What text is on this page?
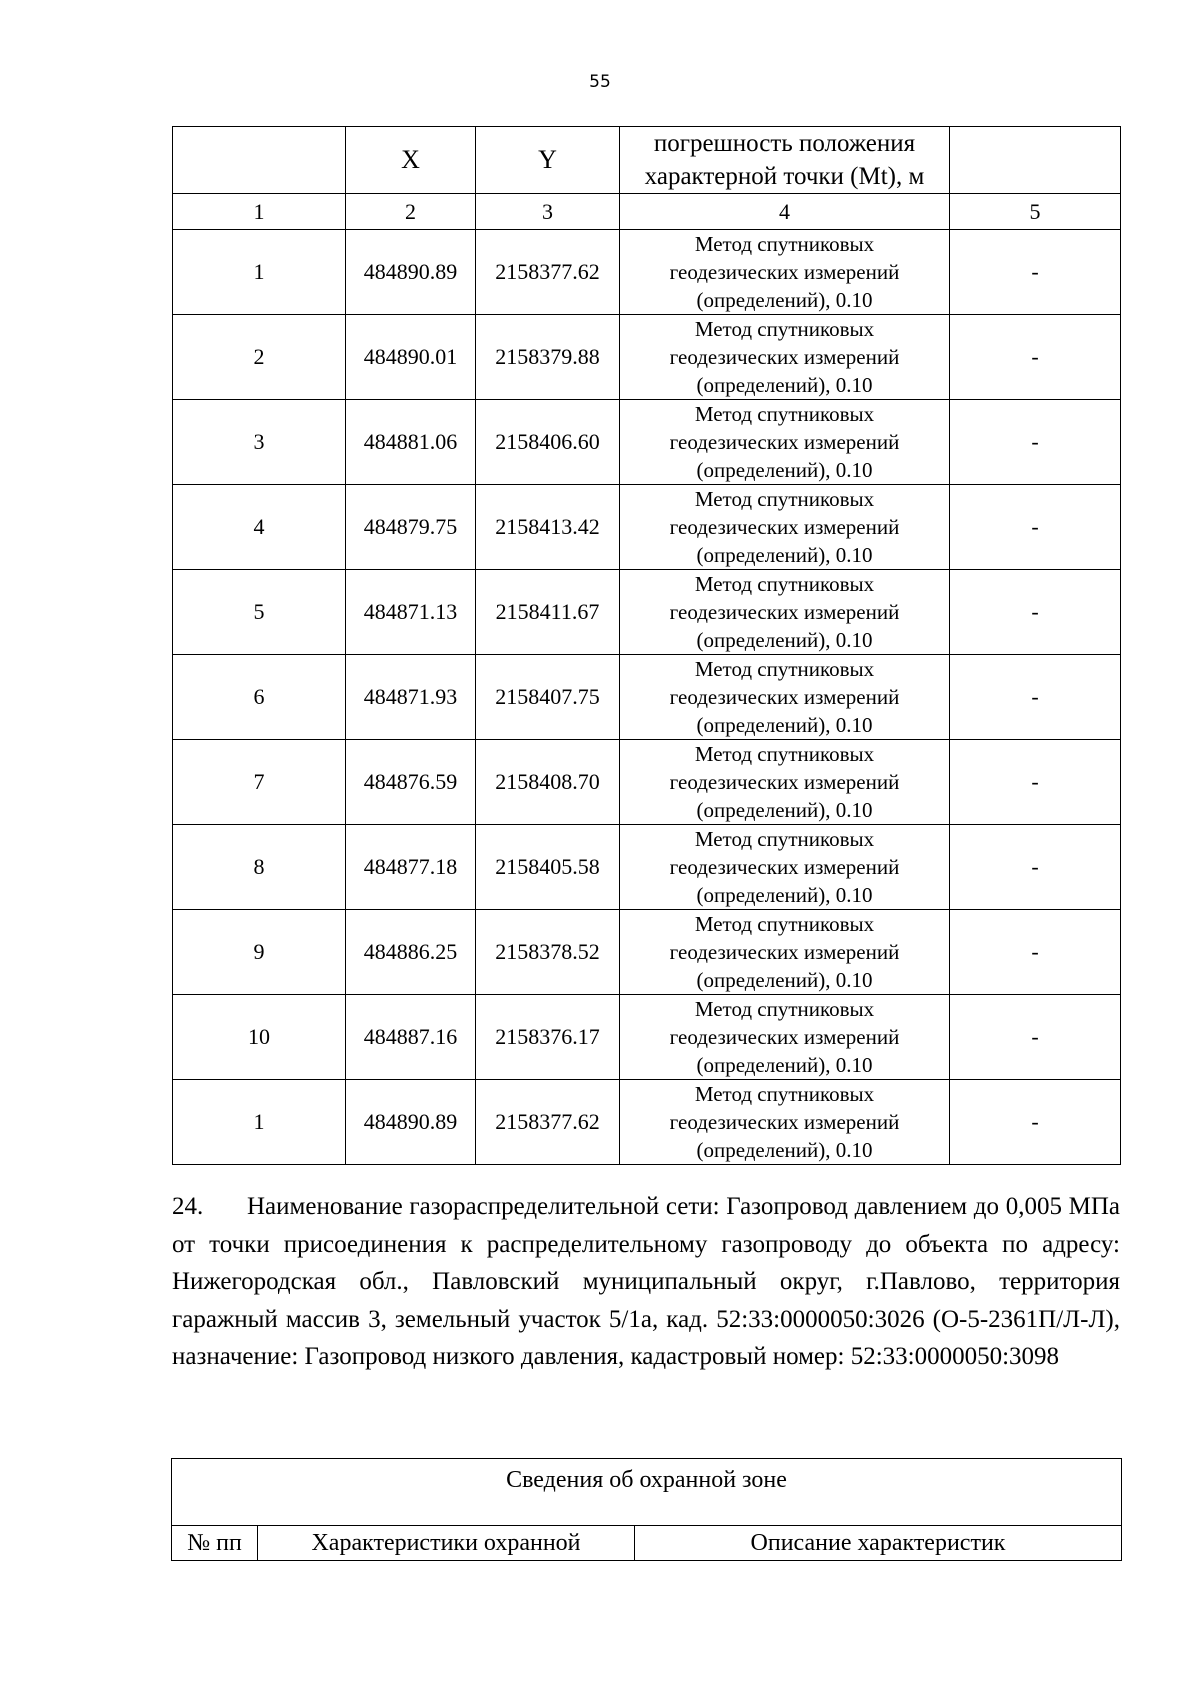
55
	X	Y	погрешность положения
характерной точки (Mt), м	

1	2	3	4	5
1	484890.89	2158377.62	Метод спутниковых
геодезических измерений
(определений), 0.10	-
2	484890.01	2158379.88	Метод спутниковых
геодезических измерений
(определений), 0.10	-
3	484881.06	2158406.60	Метод спутниковых
геодезических измерений
(определений), 0.10	-
4	484879.75	2158413.42	Метод спутниковых
геодезических измерений
(определений), 0.10	-
5	484871.13	2158411.67	Метод спутниковых
геодезических измерений
(определений), 0.10	-
6	484871.93	2158407.75	Метод спутниковых
геодезических измерений
(определений), 0.10	-
7	484876.59	2158408.70	Метод спутниковых
геодезических измерений
(определений), 0.10	-
8	484877.18	2158405.58	Метод спутниковых
геодезических измерений
(определений), 0.10	-
9	484886.25	2158378.52	Метод спутниковых
геодезических измерений
(определений), 0.10	-
10	484887.16	2158376.17	Метод спутниковых
геодезических измерений
(определений), 0.10	-
1	484890.89	2158377.62	Метод спутниковых
геодезических измерений
(определений), 0.10	-

24. Наименование газораспределительной сети: Газопровод давлением до 0,005 МПа от точки присоединения к распределительному газопроводу до объекта по адресу: Нижегородская обл., Павловский муниципальный округ, г.Павлово, территория гаражный массив 3, земельный участок 5/1а, кад. 52:33:0000050:3026 (О-5-2361П/Л-Л), назначение: Газопровод низкого давления, кадастровый номер: 52:33:0000050:3098

Сведения об охранной зоне
№ пп	Характеристики охранной	Описание характеристик
